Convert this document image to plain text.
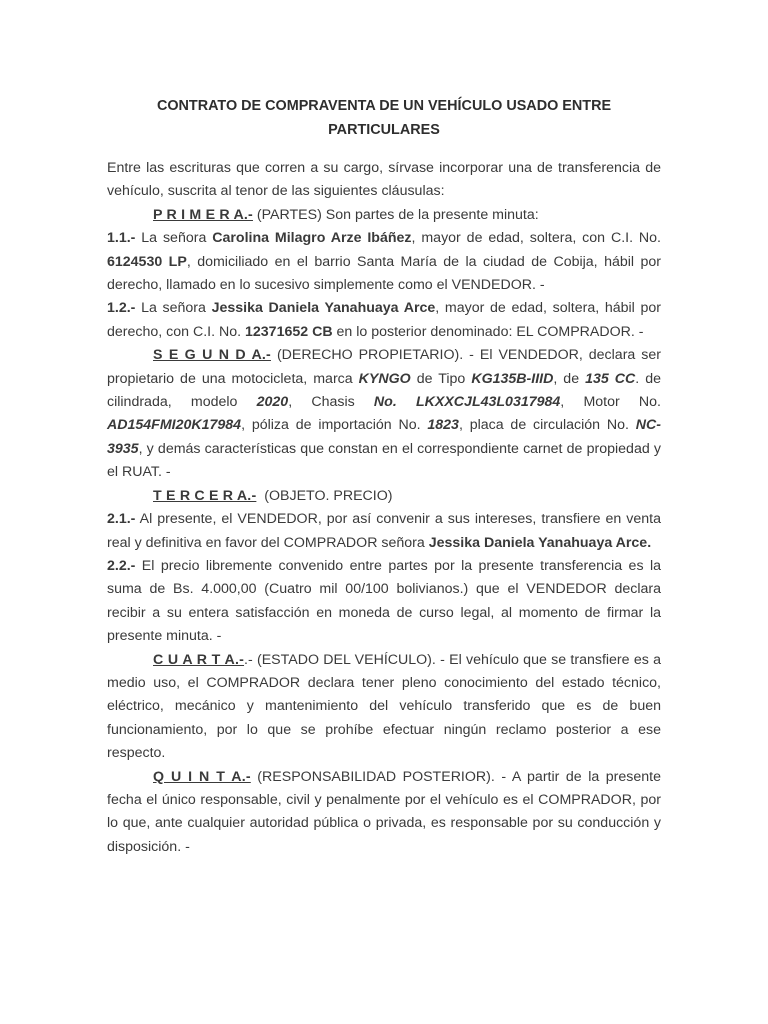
CONTRATO DE COMPRAVENTA DE UN VEHÍCULO USADO ENTRE
PARTICULARES

Entre las escrituras que corren a su cargo, sírvase incorporar una de transferencia de vehículo, suscrita al tenor de las siguientes cláusulas:

P R I M E R A.- (PARTES) Son partes de la presente minuta:

1.1.- La señora Carolina Milagro Arze Ibáñez, mayor de edad, soltera, con C.I. No. 6124530 LP, domiciliado en el barrio Santa María de la ciudad de Cobija, hábil por derecho, llamado en lo sucesivo simplemente como el VENDEDOR. -

1.2.- La señora Jessika Daniela Yanahuaya Arce, mayor de edad, soltera, hábil por derecho, con C.I. No. 12371652 CB en lo posterior denominado: EL COMPRADOR. -

S E G U N D A.- (DERECHO PROPIETARIO). - El VENDEDOR, declara ser propietario de una motocicleta, marca KYNGO de Tipo KG135B-IIID, de 135 CC. de cilindrada, modelo 2020, Chasis No. LKXXCJL43L0317984, Motor No. AD154FMI20K17984, póliza de importación No. 1823, placa de circulación No. NC-3935, y demás características que constan en el correspondiente carnet de propiedad y el RUAT. -

T E R C E R A.-  (OBJETO. PRECIO)

2.1.- Al presente, el VENDEDOR, por así convenir a sus intereses, transfiere en venta real y definitiva en favor del COMPRADOR señora Jessika Daniela Yanahuaya Arce.

2.2.- El precio libremente convenido entre partes por la presente transferencia es la suma de Bs. 4.000,00 (Cuatro mil 00/100 bolivianos.) que el VENDEDOR declara recibir a su entera satisfacción en moneda de curso legal, al momento de firmar la presente minuta. -

C U A R T A.-.- (ESTADO DEL VEHÍCULO). - El vehículo que se transfiere es a medio uso, el COMPRADOR declara tener pleno conocimiento del estado técnico, eléctrico, mecánico y mantenimiento del vehículo transferido que es de buen funcionamiento, por lo que se prohíbe efectuar ningún reclamo posterior a ese respecto.

Q U I N T A.- (RESPONSABILIDAD POSTERIOR). - A partir de la presente fecha el único responsable, civil y penalmente por el vehículo es el COMPRADOR, por lo que, ante cualquier autoridad pública o privada, es responsable por su conducción y disposición. -
